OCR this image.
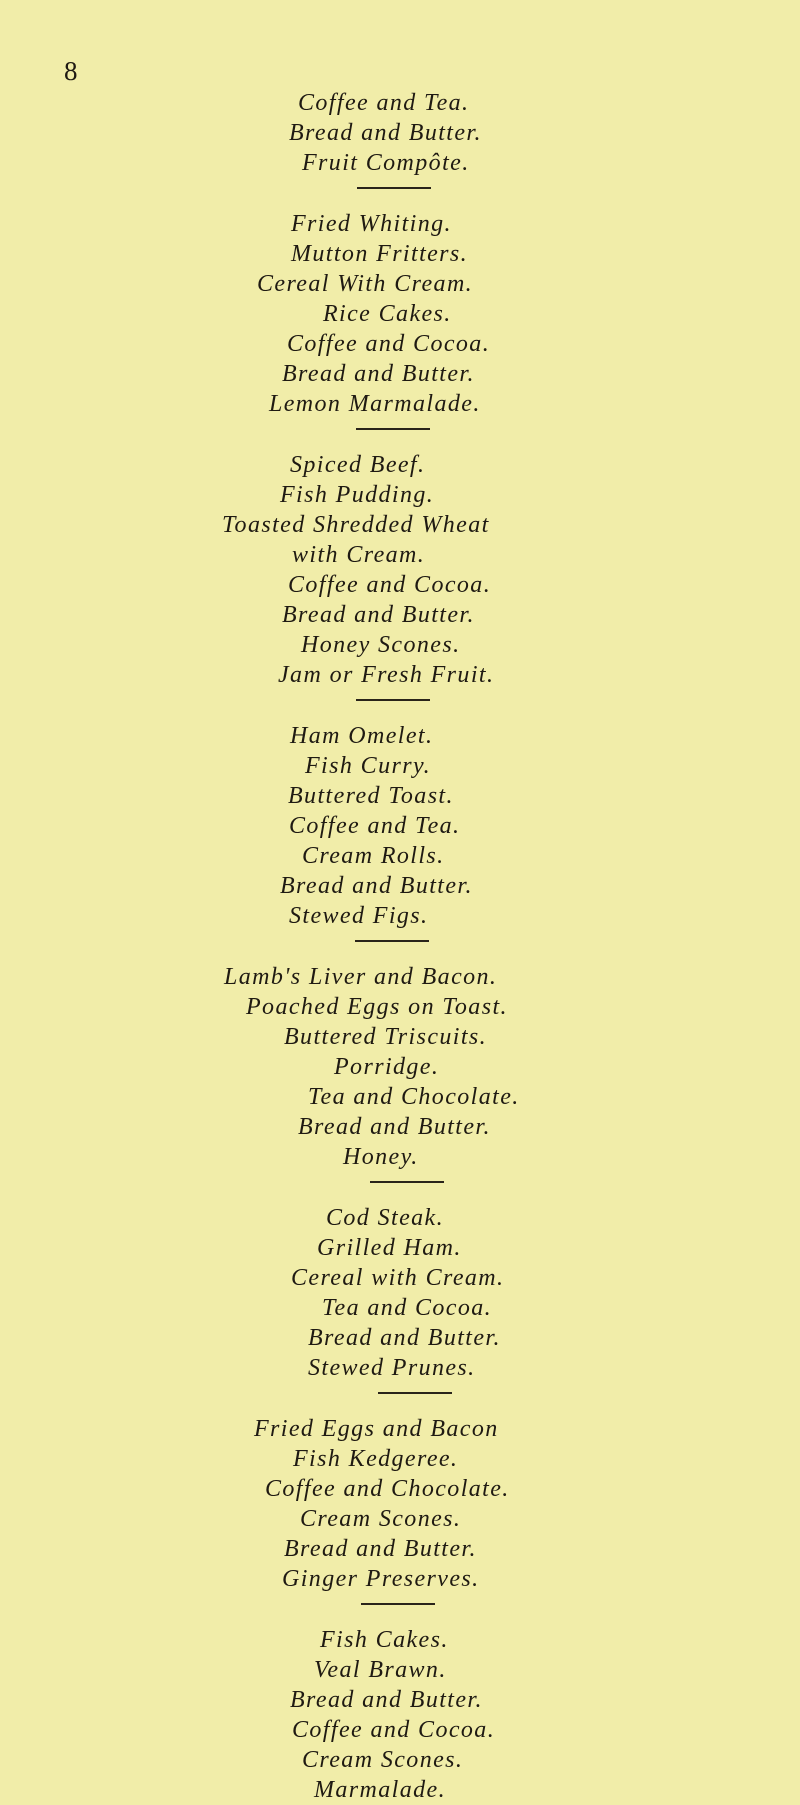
8
Coffee and Tea.
Bread and Butter.
Fruit Compôte.
Fried Whiting.
Mutton Fritters.
Cereal With Cream.
Rice Cakes.
Coffee and Cocoa.
Bread and Butter.
Lemon Marmalade.
Spiced Beef.
Fish Pudding.
Toasted Shredded Wheat
with Cream.
Coffee and Cocoa.
Bread and Butter.
Honey Scones.
Jam or Fresh Fruit.
Ham Omelet.
Fish Curry.
Buttered Toast.
Coffee and Tea.
Cream Rolls.
Bread and Butter.
Stewed Figs.
Lamb's Liver and Bacon.
Poached Eggs on Toast.
Buttered Triscuits.
Porridge.
Tea and Chocolate.
Bread and Butter.
Honey.
Cod Steak.
Grilled Ham.
Cereal with Cream.
Tea and Cocoa.
Bread and Butter.
Stewed Prunes.
Fried Eggs and Bacon
Fish Kedgeree.
Coffee and Chocolate.
Cream Scones.
Bread and Butter.
Ginger Preserves.
Fish Cakes.
Veal Brawn.
Bread and Butter.
Coffee and Cocoa.
Cream Scones.
Marmalade.
